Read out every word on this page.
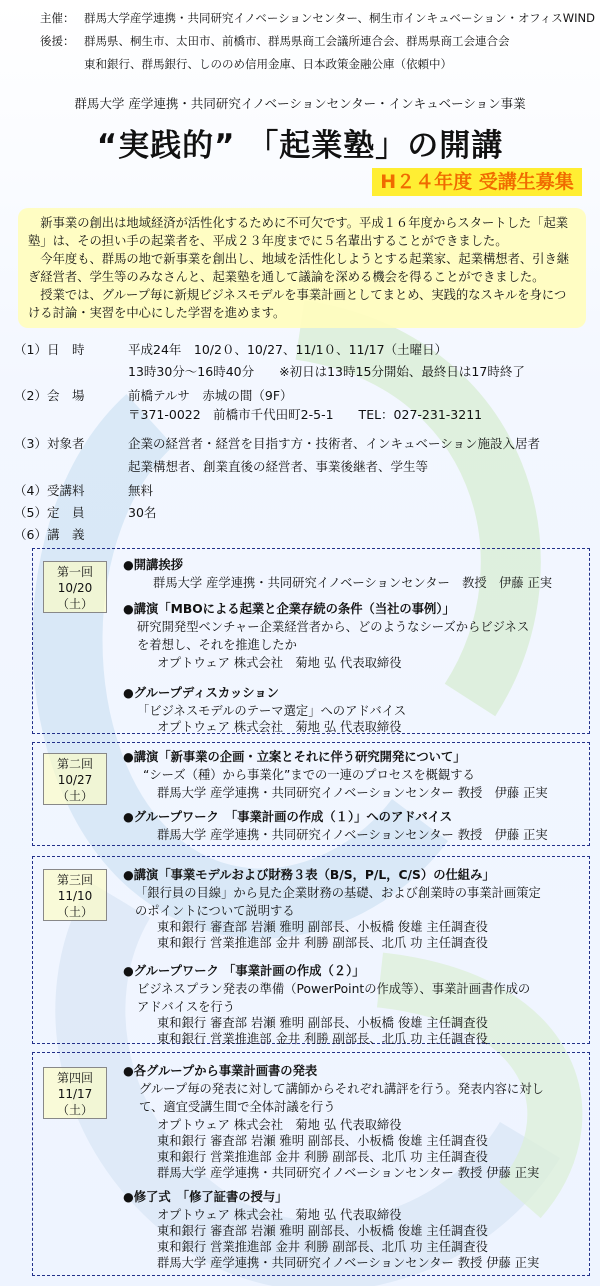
主催： 群馬大学産学連携・共同研究イノベーションセンター、桐生市インキュベーション・オフィスWIND
後援： 群馬県、桐生市、太田市、前橋市、群馬県商工会議所連合会、群馬県商工会連合会
東和銀行、群馬銀行、しののめ信用金庫、日本政策金融公庫（依頼中）
群馬大学 産学連携・共同研究イノベーションセンター・インキュベーション事業
“実践的” 「起業塾」の開講
H２４年度 受講生募集

新事業の創出は地域経済が活性化するために不可欠です。平成１６年度からスタートした「起業塾」は、その担い手の起業者を、平成２３年度までに５名輩出することができました。

今年度も、群馬の地で新事業を創出し、地域を活性化しようとする起業家、起業構想者、引き継ぎ経営者、学生等のみなさんと、起業塾を通して議論を深める機会を得ることができました。

授業では、グループ毎に新規ビジネスモデルを事業計画としてまとめ、実践的なスキルを身につける討論・実習を中心にした学習を進めます。

（1）日　時	平成24年　10/2０、10/27、11/1０、11/17（土曜日）
13時30分～16時40分　　※初日は13時15分開始、最終日は17時終了
（2）会　場	前橋テルサ　赤城の間（9F）
〒371-0022　前橋市千代田町2-5-1　　TEL：027-231-3211
（3）対象者	企業の経営者・経営を目指す方・技術者、インキュベーション施設入居者
起業構想者、創業直後の経営者、事業後継者、学生等
（4）受講料	無料
（5）定　員	30名
（6）講　義
第一回
10/20
（土）
●開講挨拶
群馬大学 産学連携・共同研究イノベーションセンター　教授　伊藤 正実
●講演「MBOによる起業と企業存続の条件（当社の事例）」
研究開発型ベンチャー企業経営者から、どのようなシーズからビジネス
を着想し、それを推進したか
オプトウェア 株式会社　菊地 弘 代表取締役
●グループディスカッション
「ビジネスモデルのテーマ選定」へのアドバイス
オプトウェア 株式会社　菊地 弘 代表取締役
第二回
10/27
（土）
●講演「新事業の企画・立案とそれに伴う研究開発について」
“シーズ（種）から事業化”までの一連のプロセスを概観する
群馬大学 産学連携・共同研究イノベーションセンター 教授　伊藤 正実
●グループワーク　「事業計画の作成（１）」へのアドバイス
群馬大学 産学連携・共同研究イノベーションセンター 教授　伊藤 正実
第三回
11/10
（土）
●講演「事業モデルおよび財務３表（B/S，P/L，C/S）の仕組み」
「銀行員の目線」から見た企業財務の基礎、および創業時の事業計画策定
のポイントについて説明する
東和銀行 審査部 岩瀬 雅明 副部長、小板橋 俊雄 主任調査役
東和銀行 営業推進部 金井 利勝 副部長、北爪 功 主任調査役
●グループワーク 「事業計画の作成（２）」
ビジネスプラン発表の準備（PowerPointの作成等）、事業計画書作成の
アドバイスを行う
東和銀行 審査部 岩瀬 雅明 副部長、小板橋 俊雄 主任調査役
東和銀行 営業推進部 金井 利勝 副部長、北爪 功 主任調査役
第四回
11/17
（土）
●各グループから事業計画書の発表
グループ毎の発表に対して講師からそれぞれ講評を行う。発表内容に対し
て、適宜受講生間で全体討議を行う
オプトウェア 株式会社　菊地 弘 代表取締役
東和銀行 審査部 岩瀬 雅明 副部長、小板橋 俊雄 主任調査役
東和銀行 営業推進部 金井 利勝 副部長、北爪 功 主任調査役
群馬大学 産学連携・共同研究イノベーションセンター 教授 伊藤 正実
●修了式　「修了証書の授与」
オプトウェア 株式会社　菊地 弘 代表取締役
東和銀行 審査部 岩瀬 雅明 副部長、小板橋 俊雄 主任調査役
東和銀行 営業推進部 金井 利勝 副部長、北爪 功 主任調査役
群馬大学 産学連携・共同研究イノベーションセンター 教授 伊藤 正実
